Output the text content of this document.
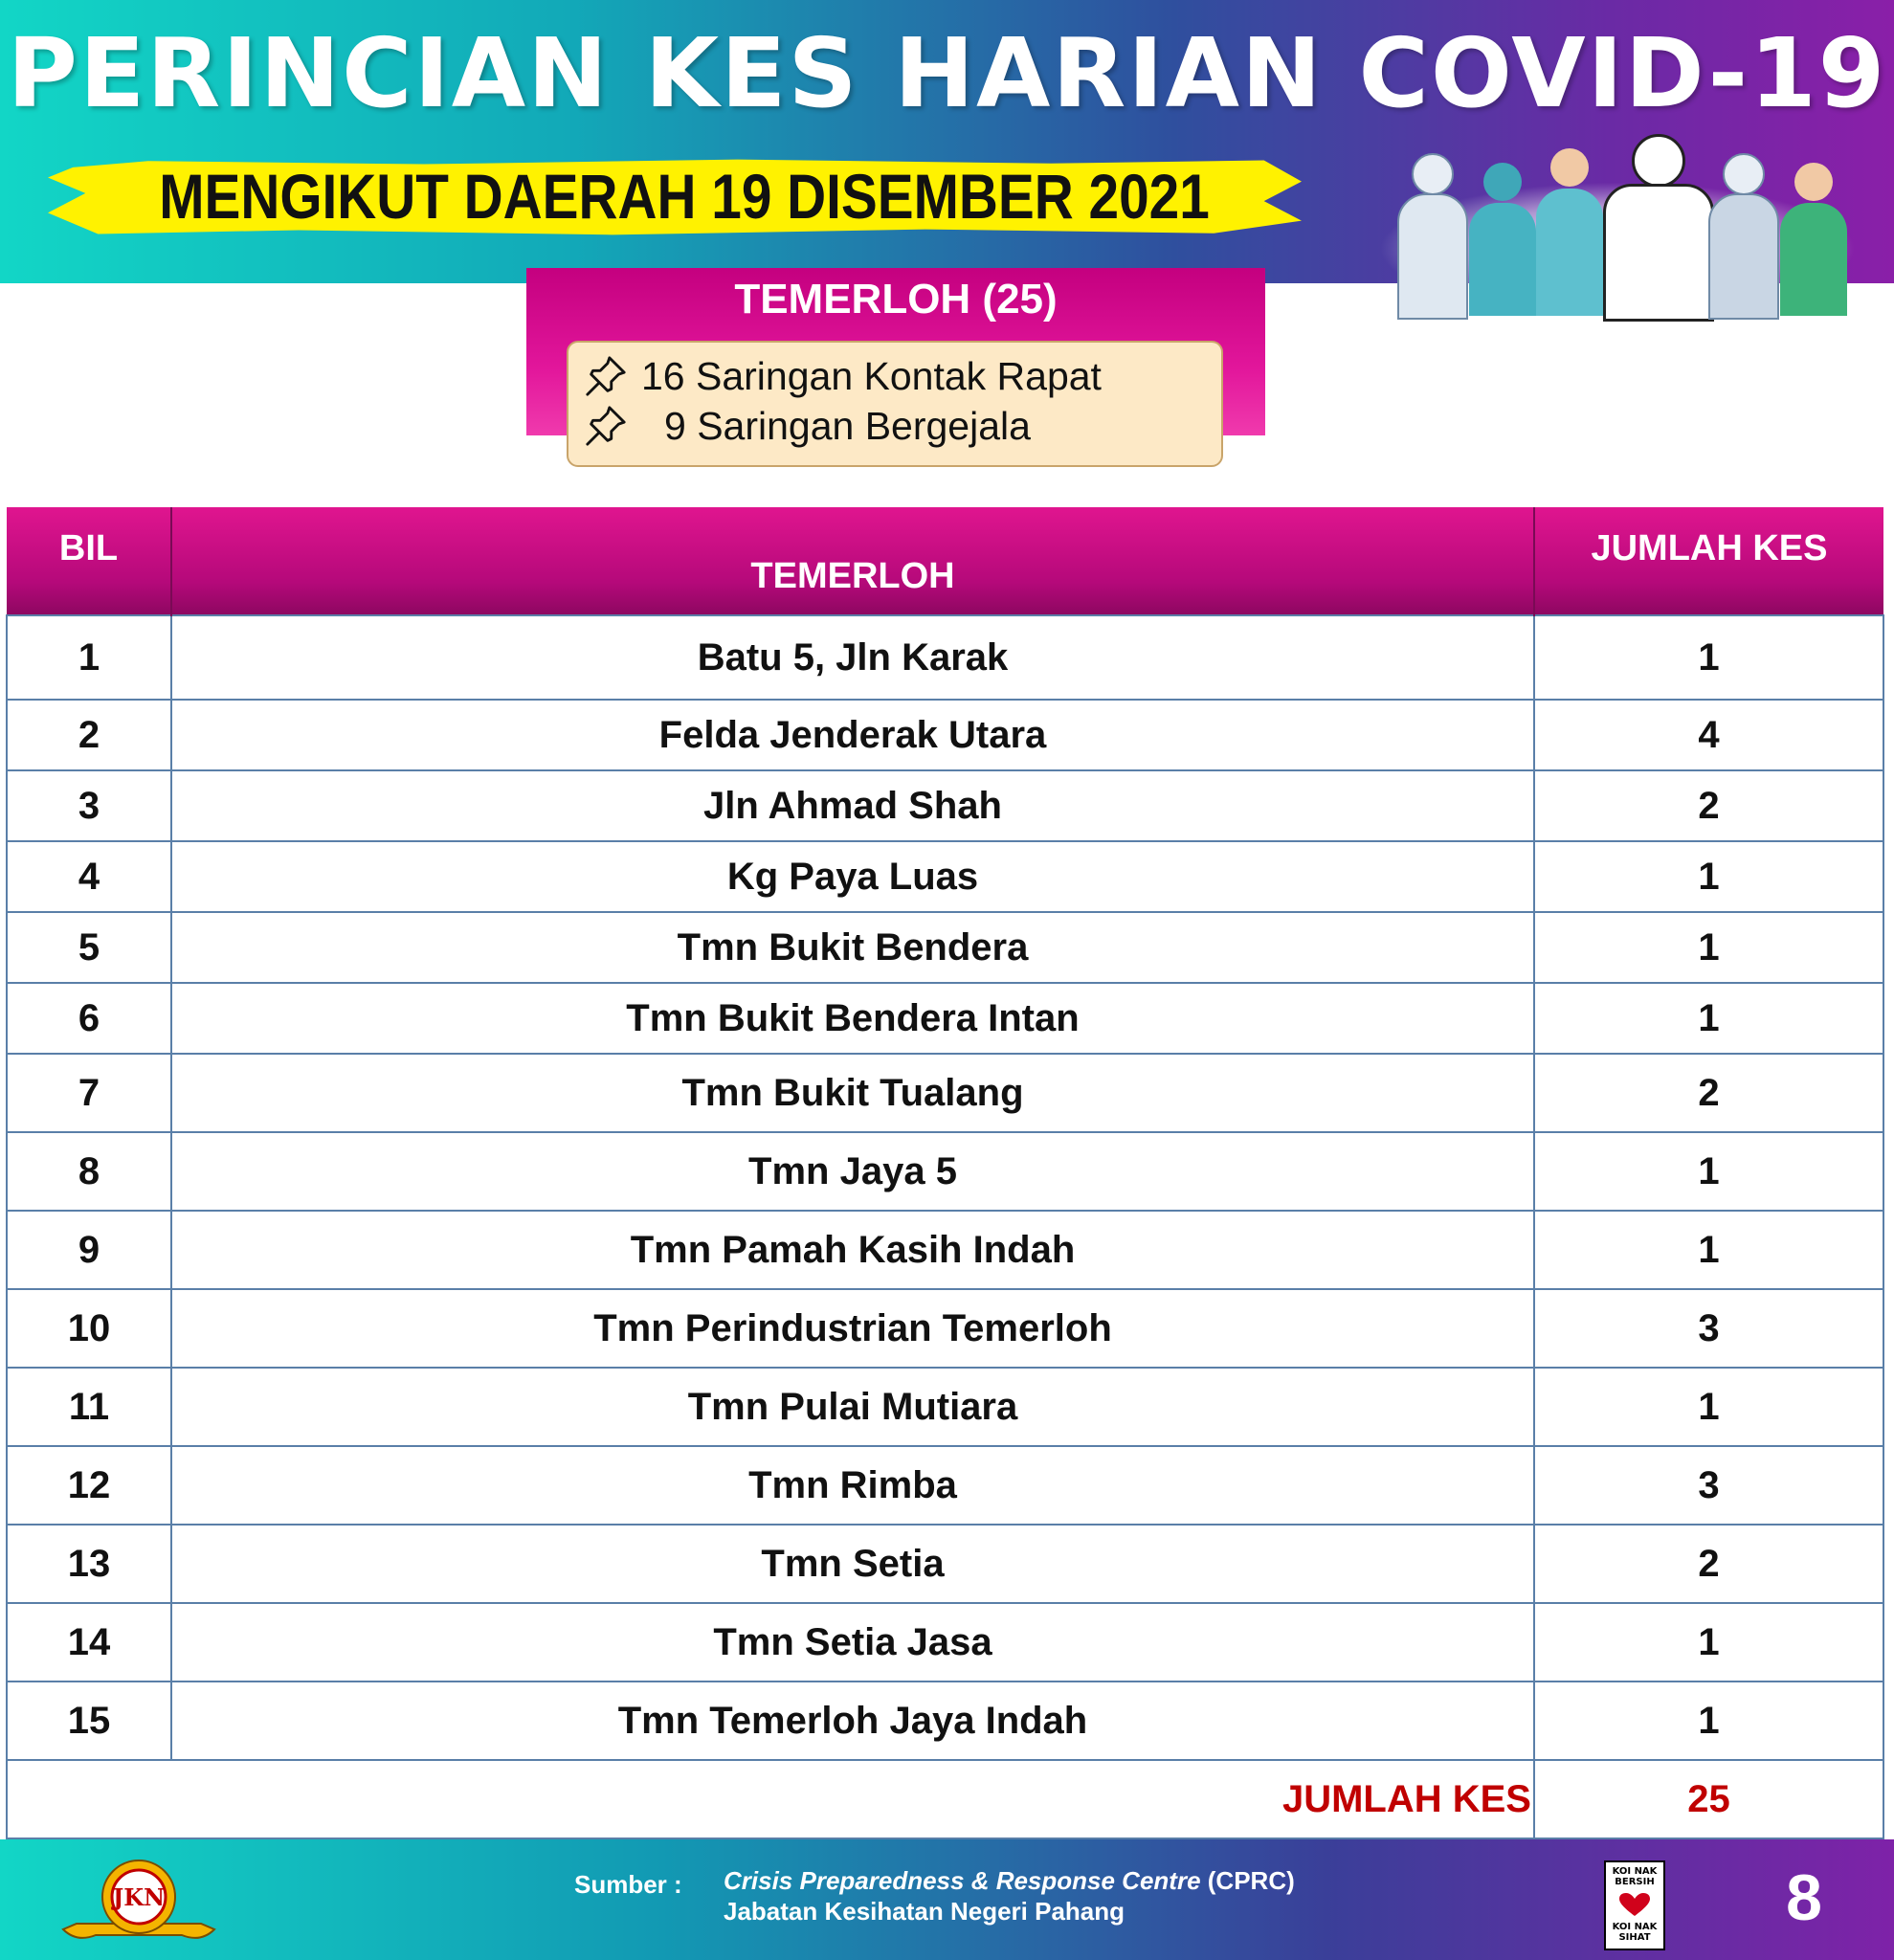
PERINCIAN KES HARIAN COVID-19
MENGIKUT DAERAH 19 DISEMBER 2021
TEMERLOH (25)
16 Saringan Kontak Rapat
9 Saringan Bergejala
BIL	TEMERLOH	JUMLAH KES
1	Batu 5, Jln Karak	1
2	Felda Jenderak Utara	4
3	Jln Ahmad Shah	2
4	Kg Paya Luas	1
5	Tmn Bukit Bendera	1
6	Tmn Bukit Bendera Intan	1
7	Tmn Bukit Tualang	2
8	Tmn Jaya 5	1
9	Tmn Pamah Kasih Indah	1
10	Tmn Perindustrian Temerloh	3
11	Tmn Pulai Mutiara	1
12	Tmn Rimba	3
13	Tmn Setia	2
14	Tmn Setia Jasa	1
15	Tmn Temerloh Jaya Indah	1
JUMLAH KES		25
JKN	Sumber : Crisis Preparedness & Response Centre (CPRC)
Jabatan Kesihatan Negeri Pahang
KOI NAK BERSIH
KOI NAK SIHAT
8
